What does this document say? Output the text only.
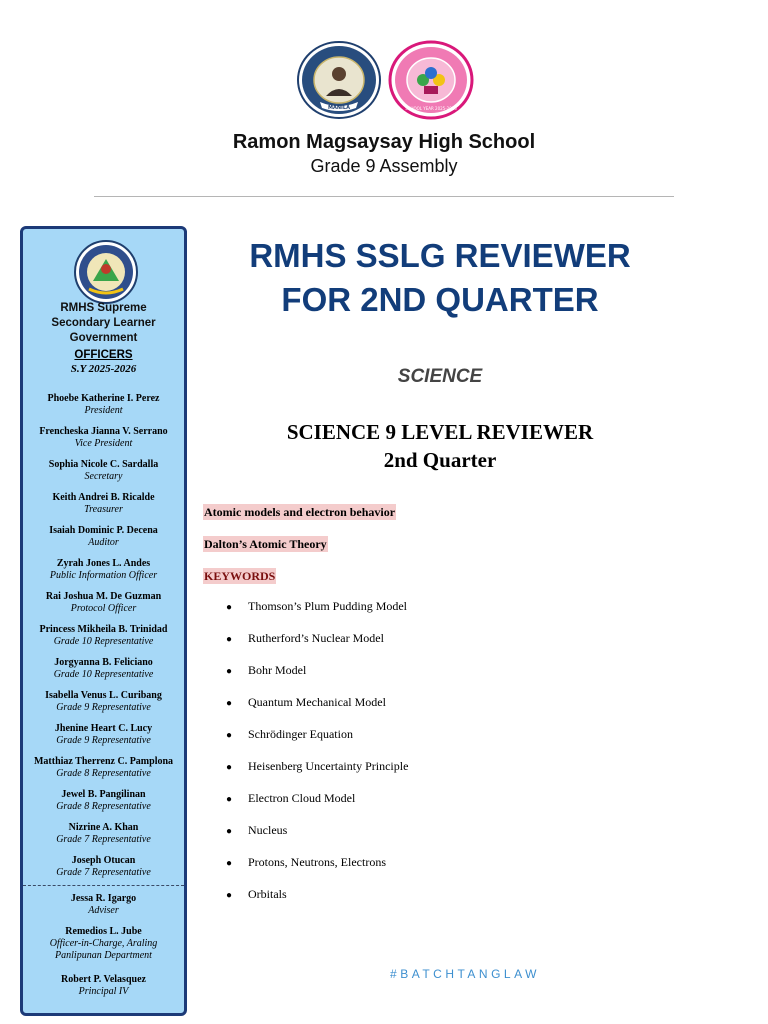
MANILA	SCHOOL YEAR 2025-2026
Ramon Magsaysay High School
Grade 9 Assembly
RMHS Supreme
Secondary Learner
Government
OFFICERS
S.Y 2025-2026
Phoebe Katherine I. Perez
President
Frencheska Jianna V. Serrano
Vice President
Sophia Nicole C. Sardalla
Secretary
Keith Andrei B. Ricalde
Treasurer
Isaiah Dominic P. Decena
Auditor
Zyrah Jones L. Andes
Public Information Officer
Rai Joshua M. De Guzman
Protocol Officer
Princess Mikheila B. Trinidad
Grade 10 Representative
Jorgyanna B. Feliciano
Grade 10 Representative
Isabella Venus L. Curibang
Grade 9 Representative
Jhenine Heart C. Lucy
Grade 9 Representative
Matthiaz Therrenz C. Pamplona
Grade 8 Representative
Jewel B. Pangilinan
Grade 8 Representative
Nizrine A. Khan
Grade 7 Representative
Joseph Otucan
Grade 7 Representative
Jessa R. Igargo
Adviser
Remedios L. Jube
Officer-in-Charge, Araling
Panlipunan Department
Robert P. Velasquez
Principal IV
RMHS SSLG REVIEWER
FOR 2ND QUARTER
SCIENCE
SCIENCE 9 LEVEL REVIEWER
2nd Quarter
Atomic models and electron behavior
Dalton’s Atomic Theory
KEYWORDS
● Thomson’s Plum Pudding Model
● Rutherford’s Nuclear Model
● Bohr Model
● Quantum Mechanical Model
● Schrödinger Equation
● Heisenberg Uncertainty Principle
● Electron Cloud Model
● Nucleus
● Protons, Neutrons, Electrons
● Orbitals
#BATCHTANGLAW
